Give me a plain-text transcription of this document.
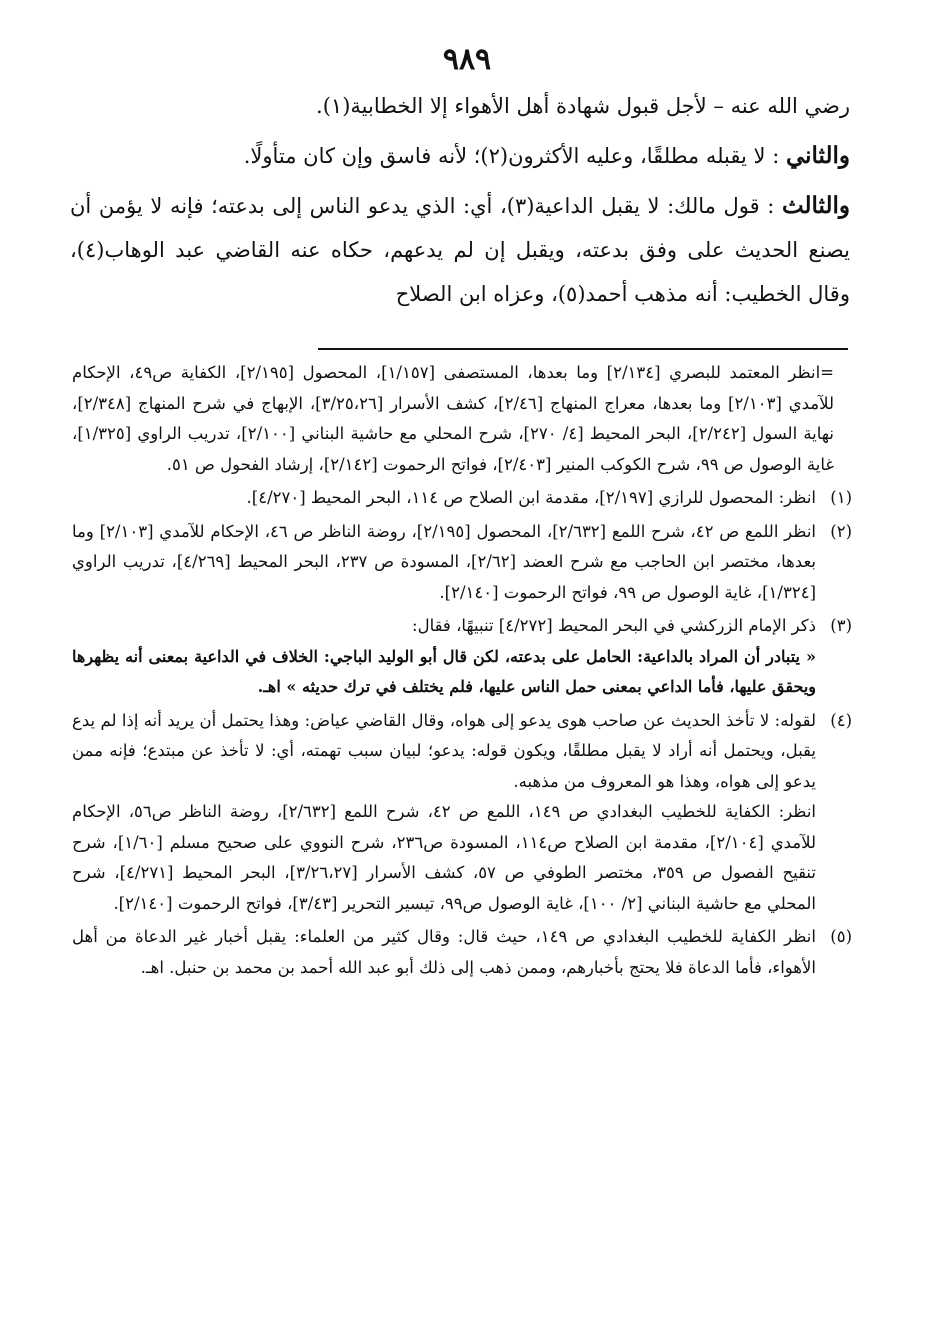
٩٨٩

رضي الله عنه – لأجل قبول شهادة أهل الأهواء إلا الخطابية(١).

والثاني : لا يقبله مطلقًا، وعليه الأكثرون(٢)؛ لأنه فاسق وإن كان متأولًا.

والثالث : قول مالك: لا يقبل الداعية(٣)، أي: الذي يدعو الناس إلى بدعته؛ فإنه لا يؤمن أن يصنع الحديث على وفق بدعته، ويقبل إن لم يدعهم، حكاه عنه القاضي عبد الوهاب(٤)، وقال الخطيب: أنه مذهب أحمد(٥)، وعزاه ابن الصلاح

=انظر المعتمد للبصري [٢/١٣٤] وما بعدها، المستصفى [١/١٥٧]، المحصول [٢/١٩٥]، الكفاية ص٤٩، الإحكام للآمدي [٢/١٠٣] وما بعدها، معراج المنهاج [٢/٤٦]، كشف الأسرار [٣/٢٥،٢٦]، الإبهاج في شرح المنهاج [٢/٣٤٨]، نهاية السول [٢/٢٤٢]، البحر المحيط [٤/ ٢٧٠]، شرح المحلي مع حاشية البناني [٢/١٠٠]، تدريب الراوي [١/٣٢٥]، غاية الوصول ص ٩٩، شرح الكوكب المنير [٢/٤٠٣]، فواتح الرحموت [٢/١٤٢]، إرشاد الفحول ص ٥١.
(١)
انظر: المحصول للرازي [٢/١٩٧]، مقدمة ابن الصلاح ص ١١٤، البحر المحيط [٤/٢٧٠].
(٢)
انظر اللمع ص ٤٢، شرح اللمع [٢/٦٣٢]، المحصول [٢/١٩٥]، روضة الناظر ص ٤٦، الإحكام للآمدي [٢/١٠٣] وما بعدها، مختصر ابن الحاجب مع شرح العضد [٢/٦٢]، المسودة ص ٢٣٧، البحر المحيط [٤/٢٦٩]، تدريب الراوي [١/٣٢٤]، غاية الوصول ص ٩٩، فواتح الرحموت [٢/١٤٠].
(٣)

ذكر الإمام الزركشي في البحر المحيط [٤/٢٧٢] تنبيهًا، فقال:

« يتبادر أن المراد بالداعية: الحامل على بدعته، لكن قال أبو الوليد الباجي: الخلاف في الداعية بمعنى أنه يظهرها ويحقق عليها، فأما الداعي بمعنى حمل الناس عليها، فلم يختلف في ترك حديثه » اهـ.

(٤)

لقوله: لا تأخذ الحديث عن صاحب هوى يدعو إلى هواه، وقال القاضي عياض: وهذا يحتمل أن يريد أنه إذا لم يدع يقبل، ويحتمل أنه أراد لا يقبل مطلقًا، ويكون قوله: يدعو؛ لبيان سبب تهمته، أي: لا تأخذ عن مبتدع؛ فإنه ممن يدعو إلى هواه، وهذا هو المعروف من مذهبه.

انظر: الكفاية للخطيب البغدادي ص ١٤٩، اللمع ص ٤٢، شرح اللمع [٢/٦٣٢]، روضة الناظر ص٥٦، الإحكام للآمدي [٢/١٠٤]، مقدمة ابن الصلاح ص١١٤، المسودة ص٢٣٦، شرح النووي على صحيح مسلم [١/٦٠]، شرح تنقيح الفصول ص ٣٥٩، مختصر الطوفي ص ٥٧، كشف الأسرار [٣/٢٦،٢٧]، البحر المحيط [٤/٢٧١]، شرح المحلي مع حاشية البناني [٢/ ١٠٠]، غاية الوصول ص٩٩، تيسير التحرير [٣/٤٣]، فواتح الرحموت [٢/١٤٠].

(٥)
انظر الكفاية للخطيب البغدادي ص ١٤٩، حيث قال: وقال كثير من العلماء: يقبل أخبار غير الدعاة من أهل الأهواء، فأما الدعاة فلا يحتج بأخبارهم، وممن ذهب إلى ذلك أبو عبد الله أحمد بن محمد بن حنبل. اهـ.
